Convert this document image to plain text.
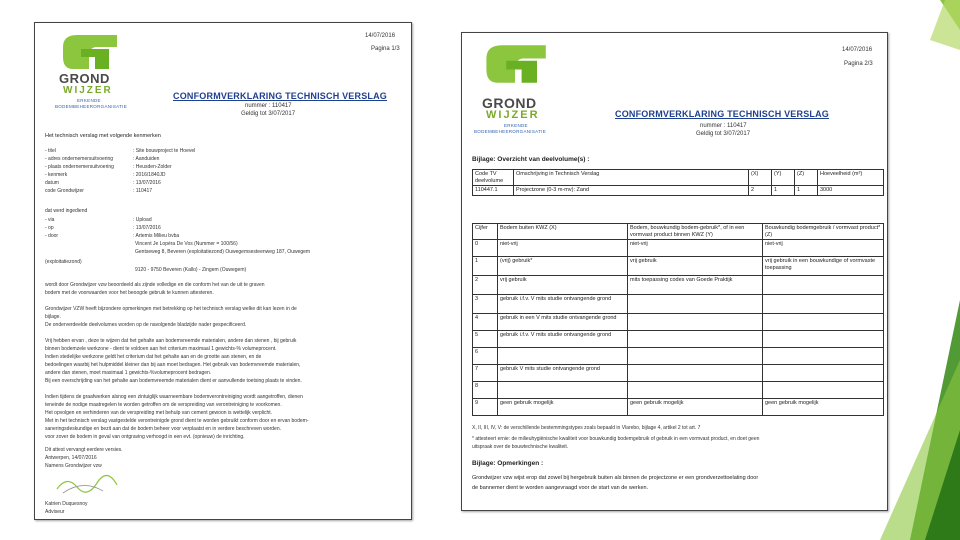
GROND
WIJZER
ERKENDE
BODEMBEHEERORGANISATIE
14/07/2016
Pagina 1/3
CONFORMVERKLARING TECHNISCH VERSLAG
nummer : 110417
Geldig tot 3/07/2017
Het technisch verslag met volgende kenmerken
- titel	: Site bouwproject te Hoevel
- adres ondernemersuitvoering	: Aanduiden
- plaats ondernemersuitvoering	: Heusden-Zolder
- kenmerk	: 2016/1840JD
datum	: 13/07/2016
code Grondwijzer	: 110417
dat werd ingediend
- via	: Upload
- op	: 13/07/2016
- door	: Artemis Milieu bvba
Vincent Je Lopéra De Vos (Nummer = 100/56)
Gentseweg 8, Beveren (exploitatiezond) Ouwegemsesteenweg 187, Ouwegem
(exploitatiezond)
9120 - 9750 Beveren (Kallo) - Zingem (Ouwegem)
wordt door Grondwijzer vzw beoordeeld als zijnde volledige en die conform het van de uit te graven
bodem met de voorwaarden voor het beoogde gebruik te kunnen attesteren.
Grondwijzer VZW heeft bijzondere opmerkingen met betrekking op het technisch verslag welke dit kan lezen in de
bijlage.
De onderverdeelde deelvolumes worden op de navolgende bladzijde nader gespecificeerd.
Vrij hebben ervan , deze te wijzen dat het gehalte aan bodemvreemde materialen, andere dan stenen , bij gebruik
binnen bodemzele werkzone - dient te voldoen aan het criterium maximaal 1 gewichts-% volumeprocent.
Indien stedelijke werkzone geldt het criterium dat het gehalte aan en de grootte aan stenen, en de
bedoelingen waarbij het hulpmiddel kleiner dan bij aan moet bedragen. Het gebruik van bodemvreemde materialen,
andere dan stenen, moet maximaal 1 gewichts-%volumeprocent bedragen.
Bij een overschrijding van het gehalte aan bodemvreemde materialen dient er aanvullende toetsing plaats te vinden.
Indien tijdens de graafwerken alsnog een zintuiglijk waarneembare bodemverontreiniging wordt aangetroffen, dienen
teneinde de nodige maatregelen te worden getroffen om de verspreiding van verontreiniging te voorkomen.
Het opvolgen en verhinderen van de verspreiding met behulp van cement gewoon is wettelijk verplicht.
Met in het technisch verslag vastgestelde verontreinigde grond dient te worden gebruikt conform door en ervan bodem-
saneringsdeskundige en bezit aan dat de bodem beheer voor verplaatst en in verdere beschreven worden.
voor zover de bodem in geval van ontgraving verhoogd in een evt. (opnieuw) de inrichting.
Dit attest vervangt eerdere versies.
Antwerpen, 14/07/2016
Namens Grondwijzer vzw
Katrien Duquesnoy
Adviseur
GROND
WIJZER
ERKENDE
BODEMBEHEERORGANISATIE
14/07/2016
Pagina 2/3
CONFORMVERKLARING TECHNISCH VERSLAG
nummer : 110417
Geldig tot 3/07/2017
Bijlage: Overzicht van deelvolume(s) :
Code TV deelvolume	Omschrijving in Technisch Verslag	(X)	(Y)	(Z)	Hoeveelheid (m³)
110447.1	Projectzone (0-3 m-mv): Zand	2	1	1	3000
Cijfer	Bodem buiten KWZ (X)	Bodem, bouwkundig bodem-gebruik*, of in een vormvast product binnen KWZ (Y)	Bouwkundig bodemgebruik / vormvast product* (Z)
0	niet-vrij	niet-vrij	niet-vrij
1	(vrij) gebruik*	vrij gebruik	vrij gebruik in een bouwkundige of vormvaste toepassing
2	vrij gebruik	mits toepassing codes van Goede Praktijk	
3	gebruik i.f.v. V mits studie ontvangende grond		
4	gebruik in een V mits studie ontvangende grond		
5	gebruik i.f.v. V mits studie ontvangende grond		
6			
7	gebruik V mits studie ontvangende grond		
8			
9	geen gebruik mogelijk	geen gebruik mogelijk	geen gebruik mogelijk
X, II, III, IV, V: de verschillende bestemmingstypes zoals bepaald in Vlarebo, bijlage 4, artikel 2 tot art. 7
* attesteert ernie: de milieuhygiënische kwaliteit voor bouwkundig bodemgebruik of gebruik in een vormvast product, en doet geen
uitspraak over de bouwtechnische kwaliteit.
Bijlage: Opmerkingen :
Grondwijzer vzw wijst erop dat zowel bij hergebruik buiten als binnen de projectzone er een grondverzettoelating door
de bannemer dient te worden aangevraagd voor de start van de werken.
